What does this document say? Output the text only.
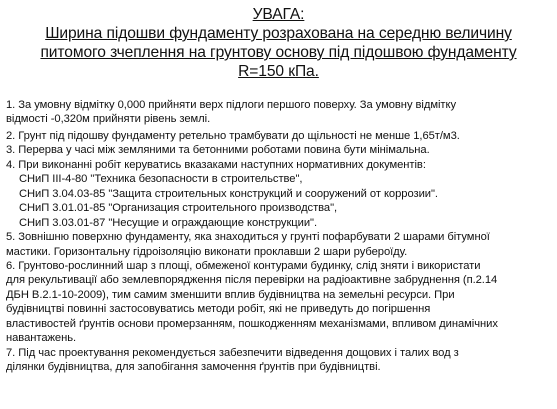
УВАГА:
Ширина підошви фундаменту розрахована на середню величину
питомого зчеплення на грунтову основу під підошвою фундаменту
R=150 кПа.
1. За умовну відмітку 0,000 прийняти верх підлоги першого поверху. За умовну відмітку
відмості -0,320м прийняти рівень землі.
2. Грунт під підошву фундаменту ретельно трамбувати до щільності не менше 1,65т/м3.
3. Перерва у часі між земляними та бетонними роботами повина бути мінімальна.
4. При виконанні робіт керуватись вказаками наступних нормативних документів:
СНиП III-4-80 "Техника безопасности в строительстве",
СНиП 3.04.03-85 "Защита строительных конструкций и сооружений от коррозии".
СНиП 3.01.01-85 "Организация строительного производства",
СНиП 3.03.01-87 "Несущие и ограждающие конструкции".
5. Зовнішню поверхню фундаменту, яка знаходиться у грунті пофарбувати 2 шарами бітумної
мастики. Горизонтальну гідроізоляцію виконати проклавши 2 шари рубероїду.
6. Грунтово-рослинний шар з площі, обмеженої контурами будинку, слід зняти і використати
для рекультивації або землевпорядження після перевірки на радіоактивне забруднення (п.2.14
ДБН В.2.1-10-2009), тим самим зменшити вплив будівництва на земельні ресурси. При
будівництві повинні застосовуватись методи робіт, які не приведуть до погіршення
властивостей ґрунтів основи промерзанням, пошкодженням механізмами, впливом динамічних
навантажень.
7. Під час проектування рекомендується забезпечити відведення дощових і талих вод з
ділянки будівництва, для запобігання замочення ґрунтів при будівництві.
